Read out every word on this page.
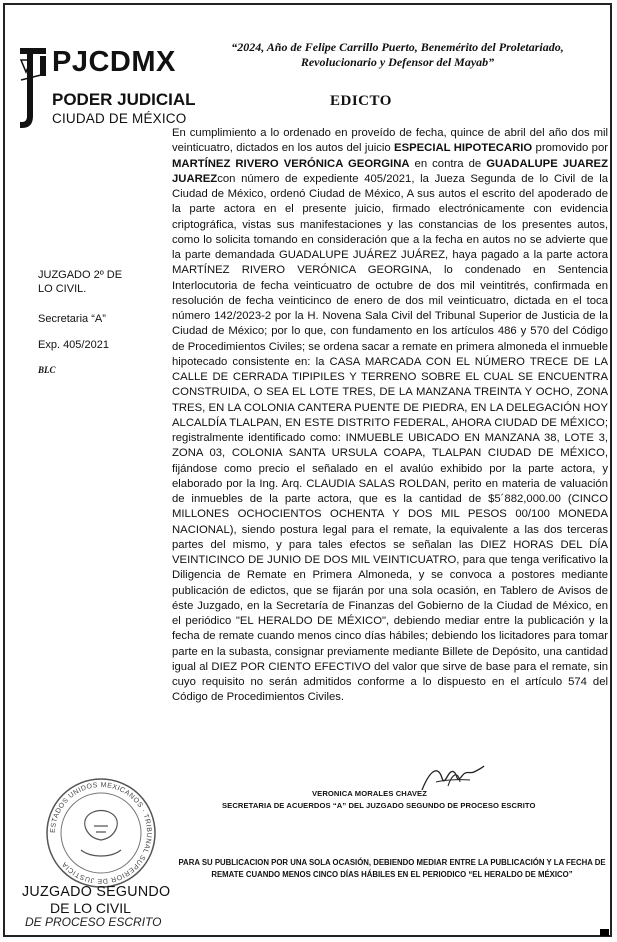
PJCDMX
PODER JUDICIAL
CIUDAD DE MÉXICO
“2024, Año de Felipe Carrillo Puerto, Benemérito del Proletariado, Revolucionario y Defensor del Mayab”
EDICTO
JUZGADO 2º DE LO CIVIL.
Secretaria “A”
Exp. 405/2021
BLC

En cumplimiento a lo ordenado en proveído de fecha, quince de abril del año dos mil veinticuatro, dictados en los autos del juicio ESPECIAL HIPOTECARIO promovido por MARTÍNEZ RIVERO VERÓNICA GEORGINA en contra de GUADALUPE JUAREZ JUAREZcon número de expediente 405/2021, la Jueza Segunda de lo Civil de la Ciudad de México, ordenó Ciudad de México, A sus autos el escrito del apoderado de la parte actora en el presente juicio, firmado electrónicamente con evidencia criptográfica, vistas sus manifestaciones y las constancias de los presentes autos, como lo solicita tomando en consideración que a la fecha en autos no se advierte que la parte demandada GUADALUPE JUÁREZ JUÁREZ, haya pagado a la parte actora MARTÍNEZ RIVERO VERÓNICA GEORGINA, lo condenado en Sentencia Interlocutoria de fecha veinticuatro de octubre de dos mil veintitrés, confirmada en resolución de fecha veinticinco de enero de dos mil veinticuatro, dictada en el toca número 142/2023-2 por la H. Novena Sala Civil del Tribunal Superior de Justicia de la Ciudad de México; por lo que, con fundamento en los artículos 486 y 570 del Código de Procedimientos Civiles; se ordena sacar a remate en primera almoneda el inmueble hipotecado consistente en: la CASA MARCADA CON EL NÚMERO TRECE DE LA CALLE DE CERRADA TIPIPILES Y TERRENO SOBRE EL CUAL SE ENCUENTRA CONSTRUIDA, O SEA EL LOTE TRES, DE LA MANZANA TREINTA Y OCHO, ZONA TRES, EN LA COLONIA CANTERA PUENTE DE PIEDRA, EN LA DELEGACIÓN HOY ALCALDÍA TLALPAN, EN ESTE DISTRITO FEDERAL, AHORA CIUDAD DE MÉXICO; registralmente identificado como: INMUEBLE UBICADO EN MANZANA 38, LOTE 3, ZONA 03, COLONIA SANTA URSULA COAPA, TLALPAN CIUDAD DE MÉXICO, fijándose como precio el señalado en el avalúo exhibido por la parte actora, y elaborado por la Ing. Arq. CLAUDIA SALAS ROLDAN, perito en materia de valuación de inmuebles de la parte actora, que es la cantidad de $5´882,000.00 (CINCO MILLONES OCHOCIENTOS OCHENTA Y DOS MIL PESOS 00/100 MONEDA NACIONAL), siendo postura legal para el remate, la equivalente a las dos terceras partes del mismo, y para tales efectos se señalan las DIEZ HORAS DEL DÍA VEINTICINCO DE JUNIO DE DOS MIL VEINTICUATRO, para que tenga verificativo la Diligencia de Remate en Primera Almoneda, y se convoca a postores mediante publicación de edictos, que se fijarán por una sola ocasión, en Tablero de Avisos de éste Juzgado, en la Secretaría de Finanzas del Gobierno de la Ciudad de México, en el periódico "EL HERALDO DE MÉXICO", debiendo mediar entre la publicación y la fecha de remate cuando menos cinco días hábiles; debiendo los licitadores para tomar parte en la subasta, consignar previamente mediante Billete de Depósito, una cantidad igual al DIEZ POR CIENTO EFECTIVO del valor que sirve de base para el remate, sin cuyo requisito no serán admitidos conforme a lo dispuesto en el artículo 574 del Código de Procedimientos Civiles.

VERONICA MORALES CHAVEZ
SECRETARIA DE ACUERDOS “A” DEL JUZGADO SEGUNDO DE PROCESO ESCRITO
PARA SU PUBLICACION POR UNA SOLA OCASIÓN, DEBIENDO MEDIAR ENTRE LA PUBLICACIÓN Y LA FECHA DE REMATE CUANDO MENOS CINCO DÍAS HÁBILES EN EL PERIODICO “EL HERALDO DE MÉXICO”
ESTADOS UNIDOS MEXICANOS · TRIBUNAL SUPERIOR DE JUSTICIA
JUZGADO SEGUNDO
DE LO CIVIL
DE PROCESO ESCRITO
